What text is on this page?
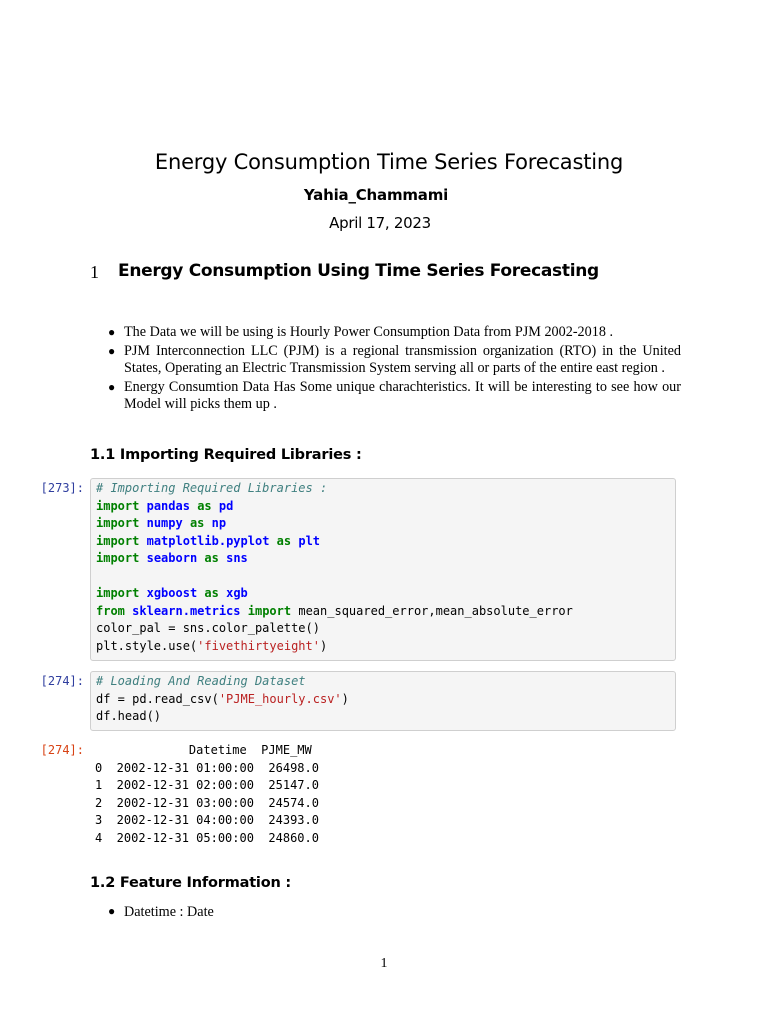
Energy Consumption Time Series Forecasting
Yahia_Chammami
April 17, 2023
1 Energy Consumption Using Time Series Forecasting
● The Data we will be using is Hourly Power Consumption Data from PJM 2002-2018 .
● PJM Interconnection LLC (PJM) is a regional transmission organization (RTO) in the United States, Operating an Electric Transmission System serving all or parts of the entire east region .
● Energy Consumtion Data Has Some unique charachteristics. It will be interesting to see how our Model will picks them up .
1.1 Importing Required Libraries :
[273]: # Importing Required Libraries :
import pandas as pd
import numpy as np
import matplotlib.pyplot as plt
import seaborn as sns
import xgboost as xgb
from sklearn.metrics import mean_squared_error,mean_absolute_error
color_pal = sns.color_palette()
plt.style.use('fivethirtyeight')
[274]: # Loading And Reading Dataset
df = pd.read_csv('PJME_hourly.csv')
df.head()
[274]: Datetime  PJME_MW
0  2002-12-31 01:00:00  26498.0
1  2002-12-31 02:00:00  25147.0
2  2002-12-31 03:00:00  24574.0
3  2002-12-31 04:00:00  24393.0
4  2002-12-31 05:00:00  24860.0
1.2 Feature Information :
● Datetime : Date
1
